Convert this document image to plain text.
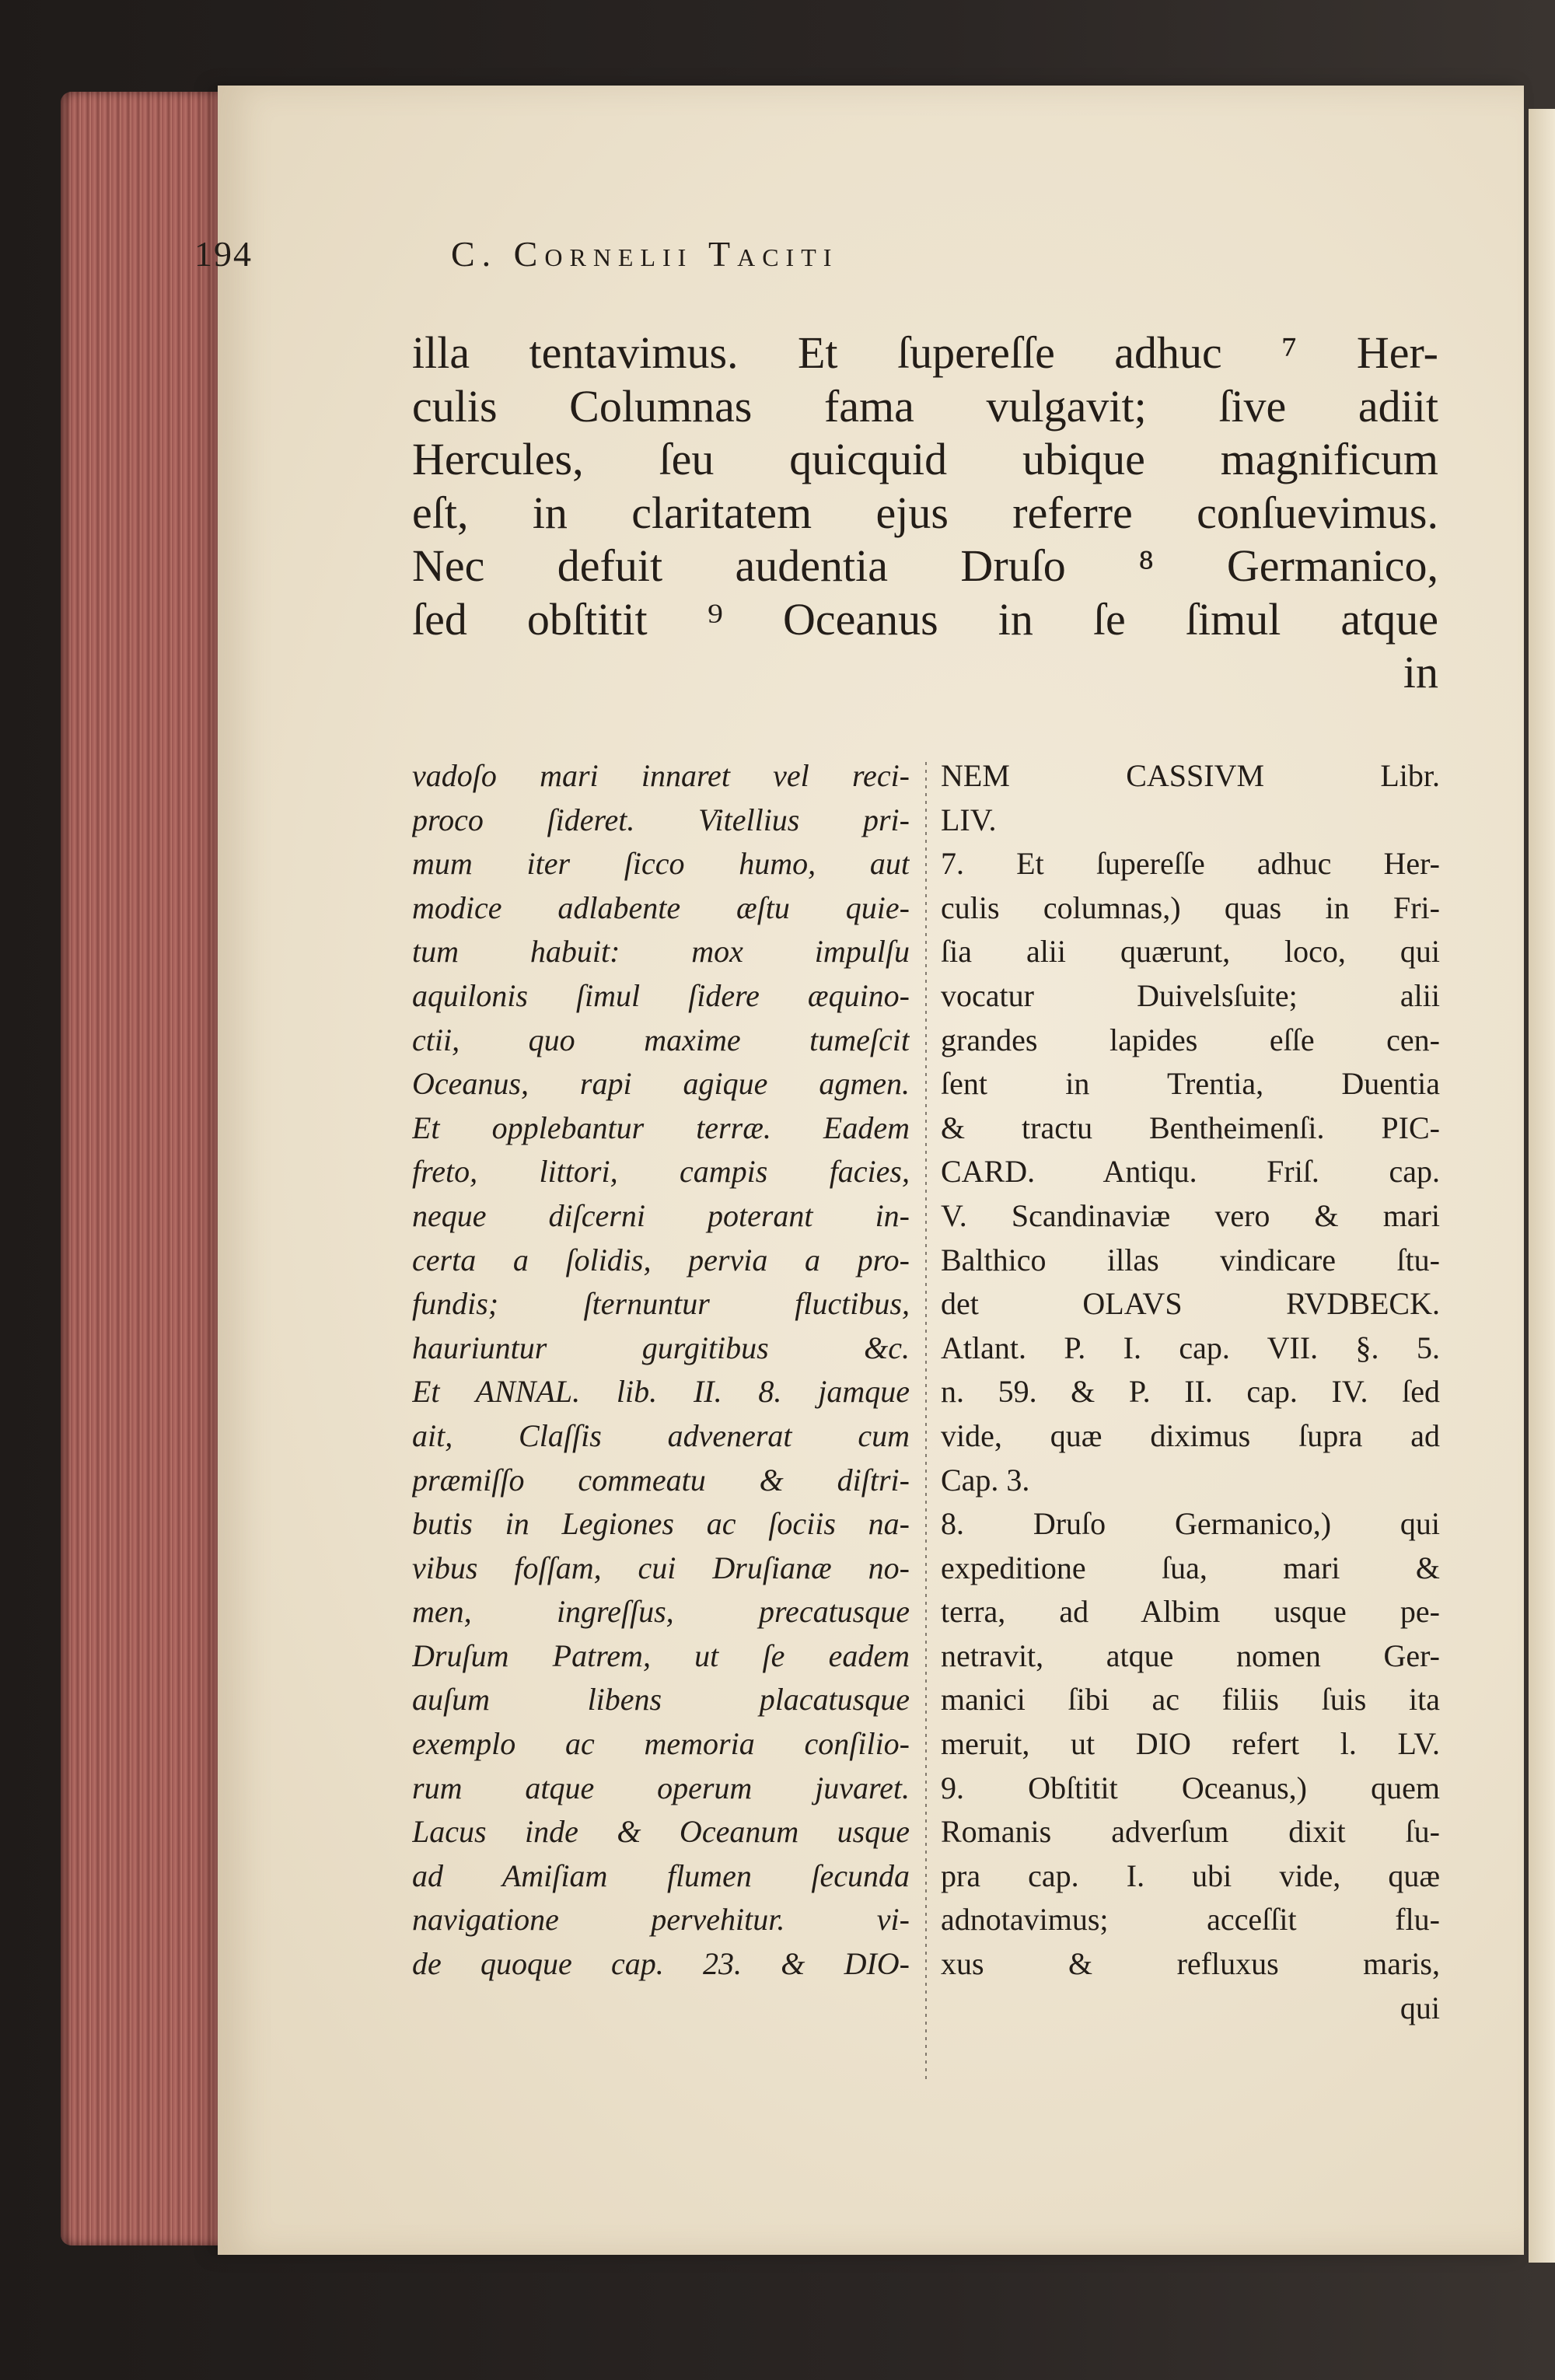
194	C. Cornelii Taciti
illa tentavimus. Et ſupereſſe adhuc ⁷ Her-
culis Columnas fama vulgavit; ſive adiit
Hercules, ſeu quicquid ubique magnificum
eſt, in claritatem ejus referre conſuevimus.
Nec defuit audentia Druſo ⁸ Germanico,
ſed obſtitit ⁹ Oceanus in ſe ſimul atque
in
vadoſo mari innaret vel reci-
proco ſideret. Vitellius pri-
mum iter ſicco humo, aut
modice adlabente æſtu quie-
tum habuit: mox impulſu
aquilonis ſimul ſidere æquino-
ctii, quo maxime tumeſcit
Oceanus, rapi agique agmen.
Et opplebantur terræ. Eadem
freto, littori, campis facies,
neque diſcerni poterant in-
certa a ſolidis, pervia a pro-
fundis; ſternuntur fluctibus,
hauriuntur gurgitibus &c.
Et ANNAL. lib. II. 8. jamque
ait, Claſſis advenerat cum
præmiſſo commeatu & diſtri-
butis in Legiones ac ſociis na-
vibus foſſam, cui Druſianæ no-
men, ingreſſus, precatusque
Druſum Patrem, ut ſe eadem
auſum libens placatusque
exemplo ac memoria conſilio-
rum atque operum juvaret.
Lacus inde & Oceanum usque
ad Amiſiam flumen ſecunda
navigatione pervehitur. vi-
de quoque cap. 23. & DIO-
NEM CASSIVM Libr.
LIV.
7. Et ſupereſſe adhuc Her-
culis columnas,) quas in Fri-
ſia alii quærunt, loco, qui
vocatur Duivelsſuite; alii
grandes lapides eſſe cen-
ſent in Trentia, Duentia
& tractu Bentheimenſi. PIC-
CARD. Antiqu. Friſ. cap.
V. Scandinaviæ vero & mari
Balthico illas vindicare ſtu-
det OLAVS RVDBECK.
Atlant. P. I. cap. VII. §. 5.
n. 59. & P. II. cap. IV. ſed
vide, quæ diximus ſupra ad
Cap. 3.
8. Druſo Germanico,) qui
expeditione ſua, mari &
terra, ad Albim usque pe-
netravit, atque nomen Ger-
manici ſibi ac filiis ſuis ita
meruit, ut DIO refert l. LV.
9. Obſtitit Oceanus,) quem
Romanis adverſum dixit ſu-
pra cap. I. ubi vide, quæ
adnotavimus; acceſſit flu-
xus & refluxus maris,
qui
